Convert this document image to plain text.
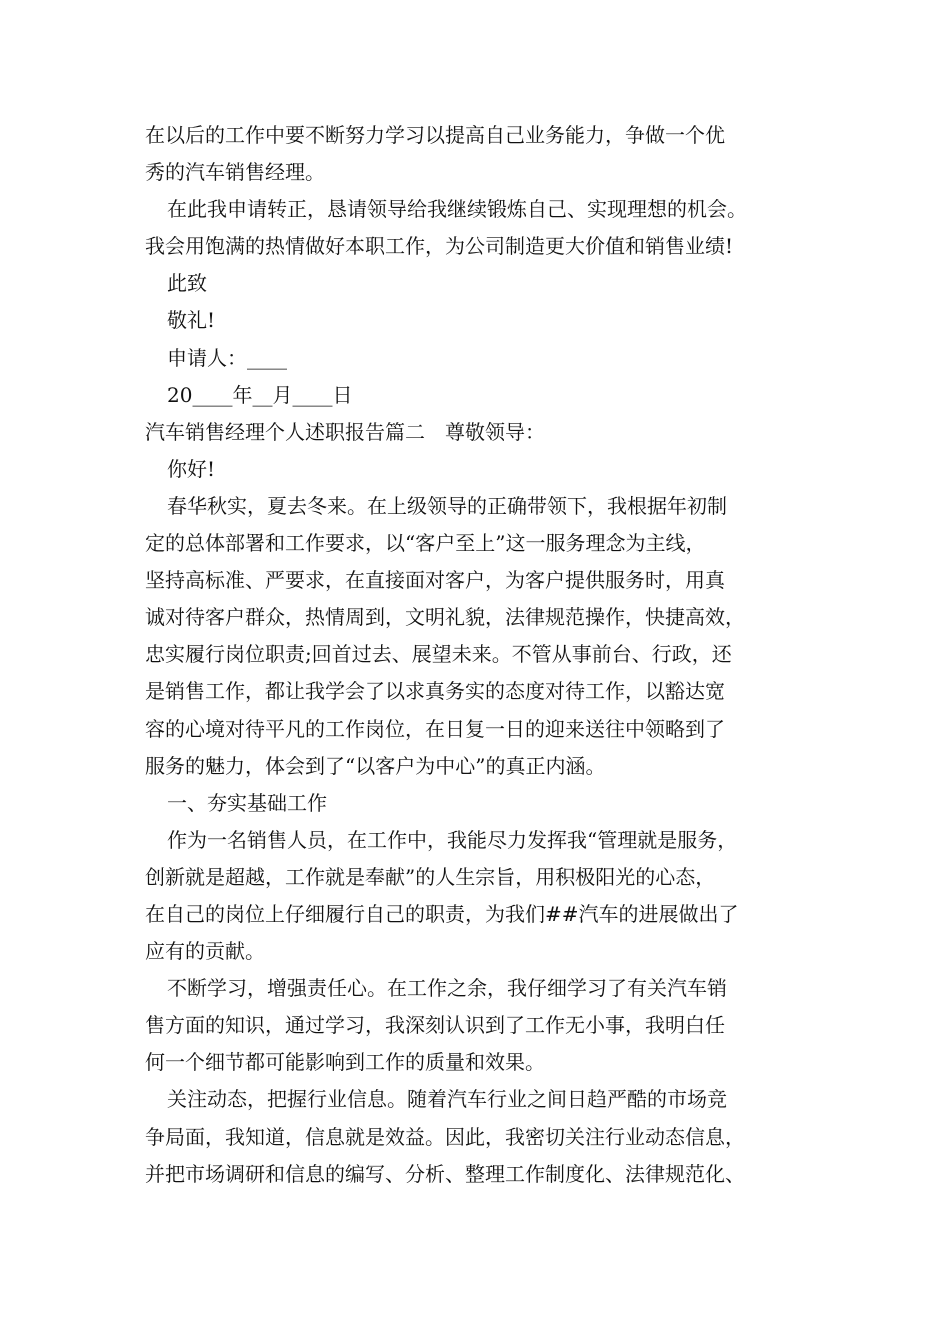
在以后的工作中要不断努力学习以提高自己业务能力，争做一个优
秀的汽车销售经理。
在此我申请转正，恳请领导给我继续锻炼自己、实现理想的机会。
我会用饱满的热情做好本职工作，为公司制造更大价值和销售业绩!
此致
敬礼!
申请人：____
20____年__月____日
汽车销售经理个人述职报告篇二　尊敬领导：
你好!
春华秋实，夏去冬来。在上级领导的正确带领下，我根据年初制
定的总体部署和工作要求，以“客户至上”这一服务理念为主线，
坚持高标准、严要求，在直接面对客户，为客户提供服务时，用真
诚对待客户群众，热情周到，文明礼貌，法律规范操作，快捷高效，
忠实履行岗位职责;回首过去、展望未来。不管从事前台、行政，还
是销售工作，都让我学会了以求真务实的态度对待工作，以豁达宽
容的心境对待平凡的工作岗位，在日复一日的迎来送往中领略到了
服务的魅力，体会到了“以客户为中心”的真正内涵。
一、夯实基础工作
作为一名销售人员，在工作中，我能尽力发挥我“管理就是服务，
创新就是超越，工作就是奉献”的人生宗旨，用积极阳光的心态，
在自己的岗位上仔细履行自己的职责，为我们##汽车的进展做出了
应有的贡献。
不断学习，增强责任心。在工作之余，我仔细学习了有关汽车销
售方面的知识，通过学习，我深刻认识到了工作无小事，我明白任
何一个细节都可能影响到工作的质量和效果。
关注动态，把握行业信息。随着汽车行业之间日趋严酷的市场竞
争局面，我知道，信息就是效益。因此，我密切关注行业动态信息，
并把市场调研和信息的编写、分析、整理工作制度化、法律规范化、
